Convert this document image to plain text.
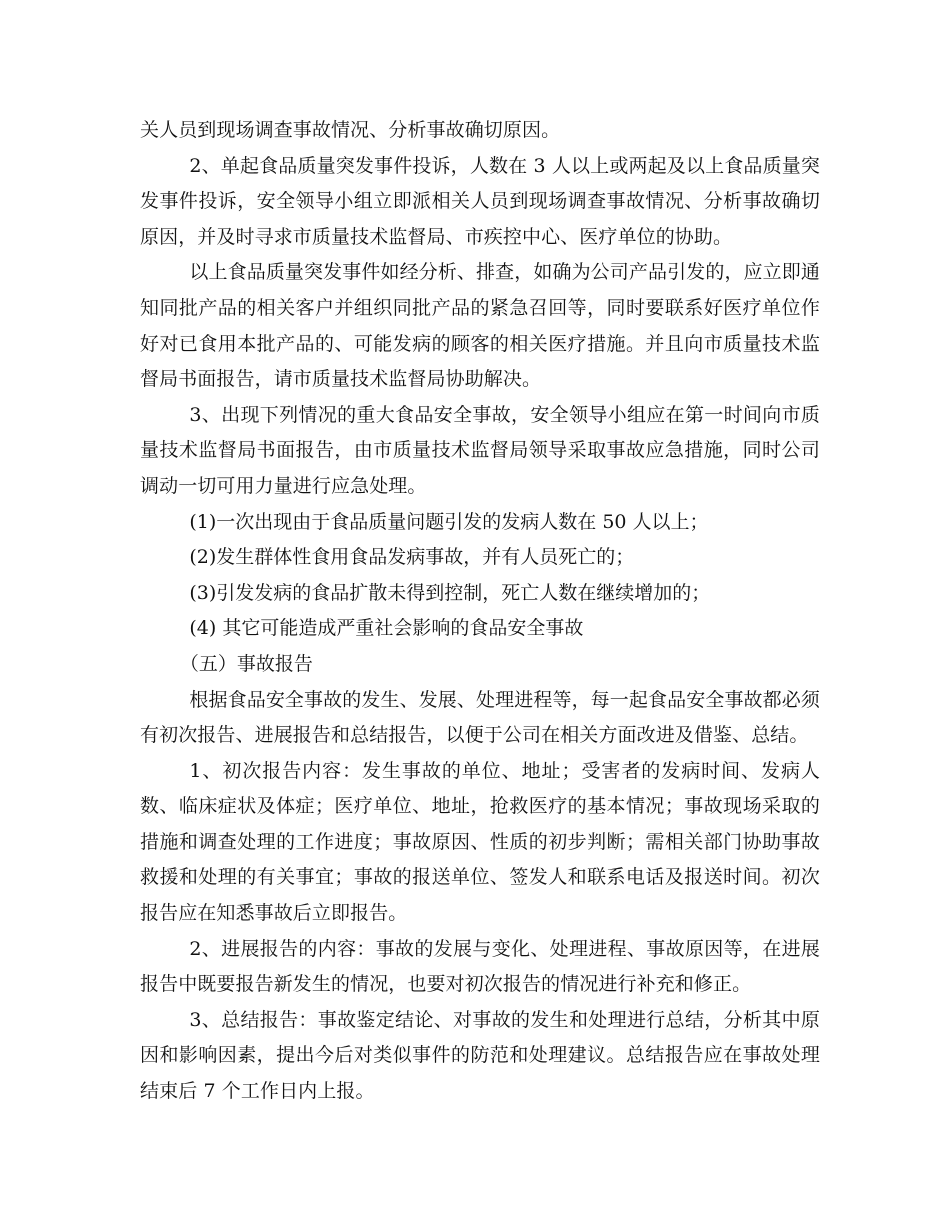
关人员到现场调查事故情况、分析事故确切原因。

2、单起食品质量突发事件投诉，人数在 3 人以上或两起及以上食品质量突发事件投诉，安全领导小组立即派相关人员到现场调查事故情况、分析事故确切原因，并及时寻求市质量技术监督局、市疾控中心、医疗单位的协助。

以上食品质量突发事件如经分析、排查，如确为公司产品引发的，应立即通知同批产品的相关客户并组织同批产品的紧急召回等，同时要联系好医疗单位作好对已食用本批产品的、可能发病的顾客的相关医疗措施。并且向市质量技术监督局书面报告，请市质量技术监督局协助解决。

3、出现下列情况的重大食品安全事故，安全领导小组应在第一时间向市质量技术监督局书面报告，由市质量技术监督局领导采取事故应急措施，同时公司调动一切可用力量进行应急处理。

(1)一次出现由于食品质量问题引发的发病人数在 50 人以上；

(2)发生群体性食用食品发病事故，并有人员死亡的；

(3)引发发病的食品扩散未得到控制，死亡人数在继续增加的；

(4) 其它可能造成严重社会影响的食品安全事故

（五）事故报告

根据食品安全事故的发生、发展、处理进程等，每一起食品安全事故都必须有初次报告、进展报告和总结报告，以便于公司在相关方面改进及借鉴、总结。

1、初次报告内容：发生事故的单位、地址；受害者的发病时间、发病人数、临床症状及体症；医疗单位、地址，抢救医疗的基本情况；事故现场采取的措施和调查处理的工作进度；事故原因、性质的初步判断；需相关部门协助事故救援和处理的有关事宜；事故的报送单位、签发人和联系电话及报送时间。初次报告应在知悉事故后立即报告。

2、进展报告的内容：事故的发展与变化、处理进程、事故原因等，在进展报告中既要报告新发生的情况，也要对初次报告的情况进行补充和修正。

3、总结报告：事故鉴定结论、对事故的发生和处理进行总结，分析其中原因和影响因素，提出今后对类似事件的防范和处理建议。总结报告应在事故处理结束后 7 个工作日内上报。
